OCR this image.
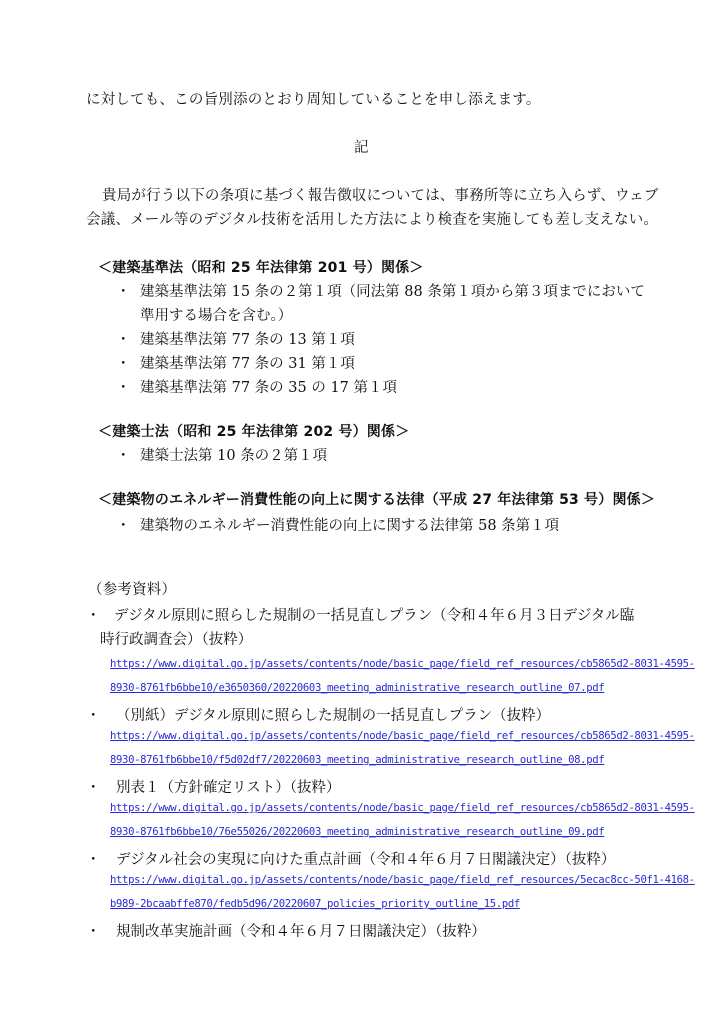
に対しても、この旨別添のとおり周知していることを申し添えます。
記
貴局が行う以下の条項に基づく報告徴収については、事務所等に立ち入らず、ウェブ
会議、メール等のデジタル技術を活用した方法により検査を実施しても差し支えない。
＜建築基準法（昭和 25 年法律第 201 号）関係＞
・ 建築基準法第 15 条の２第１項（同法第 88 条第１項から第３項までにおいて
準用する場合を含む。）
・ 建築基準法第 77 条の 13 第１項
・ 建築基準法第 77 条の 31 第１項
・ 建築基準法第 77 条の 35 の 17 第１項
＜建築士法（昭和 25 年法律第 202 号）関係＞
・ 建築士法第 10 条の２第１項
＜建築物のエネルギー消費性能の向上に関する法律（平成 27 年法律第 53 号）関係＞
・ 建築物のエネルギー消費性能の向上に関する法律第 58 条第１項
（参考資料）
・ デジタル原則に照らした規制の一括見直しプラン（令和４年６月３日デジタル臨
時行政調査会）（抜粋）
https://www.digital.go.jp/assets/contents/node/basic_page/field_ref_resources/cb5865d2-8031-4595-
8930-8761fb6bbe10/e3650360/20220603_meeting_administrative_research_outline_07.pdf
・ （別紙）デジタル原則に照らした規制の一括見直しプラン（抜粋）
https://www.digital.go.jp/assets/contents/node/basic_page/field_ref_resources/cb5865d2-8031-4595-
8930-8761fb6bbe10/f5d02df7/20220603_meeting_administrative_research_outline_08.pdf
・ 別表１（方針確定リスト）（抜粋）
https://www.digital.go.jp/assets/contents/node/basic_page/field_ref_resources/cb5865d2-8031-4595-
8930-8761fb6bbe10/76e55026/20220603_meeting_administrative_research_outline_09.pdf
・ デジタル社会の実現に向けた重点計画（令和４年６月７日閣議決定）（抜粋）
https://www.digital.go.jp/assets/contents/node/basic_page/field_ref_resources/5ecac8cc-50f1-4168-
b989-2bcaabffe870/fedb5d96/20220607_policies_priority_outline_15.pdf
・ 規制改革実施計画（令和４年６月７日閣議決定）（抜粋）
